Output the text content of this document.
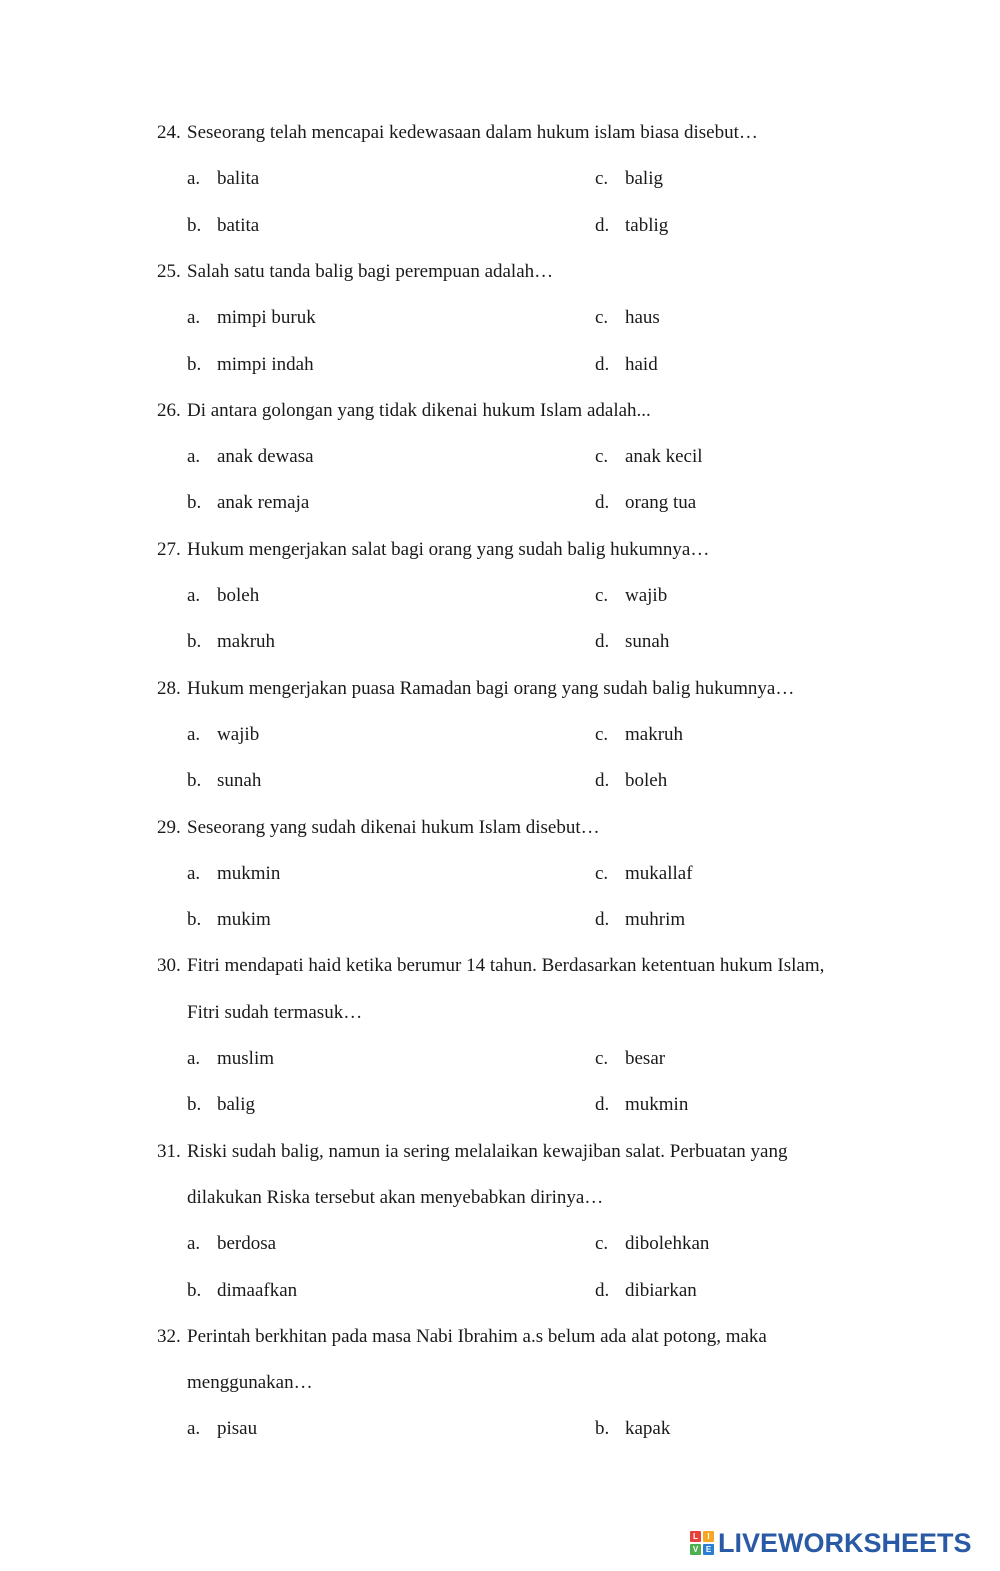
24. Seseorang telah mencapai kedewasaan dalam hukum islam biasa disebut…
a. balita	c. balig
b. batita	d. tablig
25. Salah satu tanda balig bagi perempuan adalah…
a. mimpi buruk	c. haus
b. mimpi indah	d. haid
26. Di antara golongan yang tidak dikenai hukum Islam adalah...
a. anak dewasa	c. anak kecil
b. anak remaja	d. orang tua
27. Hukum mengerjakan salat bagi orang yang sudah balig hukumnya…
a. boleh	c. wajib
b. makruh	d. sunah
28. Hukum mengerjakan puasa Ramadan bagi orang yang sudah balig hukumnya…
a. wajib	c. makruh
b. sunah	d. boleh
29. Seseorang yang sudah dikenai hukum Islam disebut…
a. mukmin	c. mukallaf
b. mukim	d. muhrim
30. Fitri mendapati haid ketika berumur 14 tahun. Berdasarkan ketentuan hukum Islam,
Fitri sudah termasuk…
a. muslim	c. besar
b. balig	d. mukmin
31. Riski sudah balig, namun ia sering melalaikan kewajiban salat. Perbuatan yang
dilakukan Riska tersebut akan menyebabkan dirinya…
a. berdosa	c. dibolehkan
b. dimaafkan	d. dibiarkan
32. Perintah berkhitan pada masa Nabi Ibrahim a.s belum ada alat potong, maka
menggunakan…
a. pisau	b. kapak
L	I
V E LIVEWORKSHEETS
